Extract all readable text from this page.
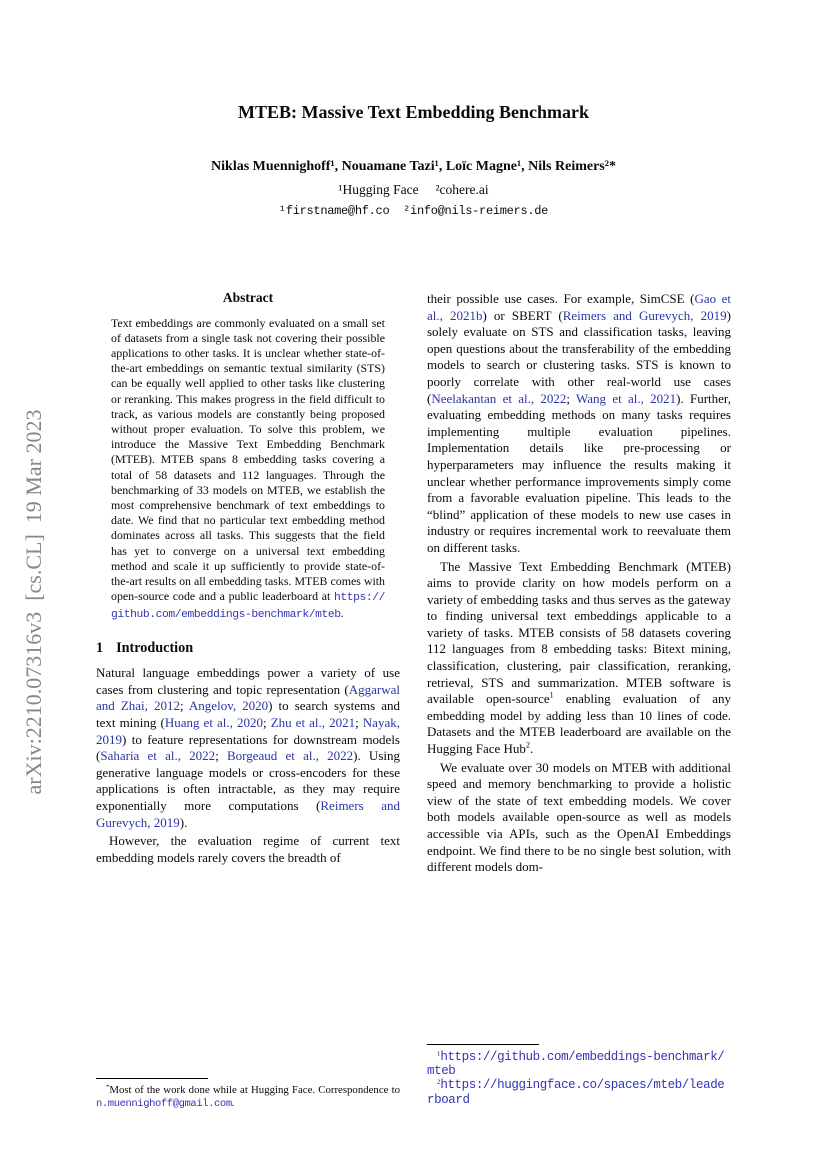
arXiv:2210.07316v3  [cs.CL]  19 Mar 2023
MTEB: Massive Text Embedding Benchmark
Niklas Muennighoff¹, Nouamane Tazi¹, Loïc Magne¹, Nils Reimers²*
¹Hugging Face     ²cohere.ai
¹firstname@hf.co  ²info@nils-reimers.de
Abstract
Text embeddings are commonly evaluated on a small set of datasets from a single task not covering their possible applications to other tasks. It is unclear whether state-of-the-art embeddings on semantic textual similarity (STS) can be equally well applied to other tasks like clustering or reranking. This makes progress in the field difficult to track, as various models are constantly being proposed without proper evaluation. To solve this problem, we introduce the Massive Text Embedding Benchmark (MTEB). MTEB spans 8 embedding tasks covering a total of 58 datasets and 112 languages. Through the benchmarking of 33 models on MTEB, we establish the most comprehensive benchmark of text embeddings to date. We find that no particular text embedding method dominates across all tasks. This suggests that the field has yet to converge on a universal text embedding method and scale it up sufficiently to provide state-of-the-art results on all embedding tasks. MTEB comes with open-source code and a public leaderboard at https://github.com/embeddings-benchmark/mteb.
1 Introduction

Natural language embeddings power a variety of use cases from clustering and topic representation (Aggarwal and Zhai, 2012; Angelov, 2020) to search systems and text mining (Huang et al., 2020; Zhu et al., 2021; Nayak, 2019) to feature representations for downstream models (Saharia et al., 2022; Borgeaud et al., 2022). Using generative language models or cross-encoders for these applications is often intractable, as they may require exponentially more computations (Reimers and Gurevych, 2019).

However, the evaluation regime of current text embedding models rarely covers the breadth of

their possible use cases. For example, SimCSE (Gao et al., 2021b) or SBERT (Reimers and Gurevych, 2019) solely evaluate on STS and classification tasks, leaving open questions about the transferability of the embedding models to search or clustering tasks. STS is known to poorly correlate with other real-world use cases (Neelakantan et al., 2022; Wang et al., 2021). Further, evaluating embedding methods on many tasks requires implementing multiple evaluation pipelines. Implementation details like pre-processing or hyperparameters may influence the results making it unclear whether performance improvements simply come from a favorable evaluation pipeline. This leads to the “blind” application of these models to new use cases in industry or requires incremental work to reevaluate them on different tasks.

The Massive Text Embedding Benchmark (MTEB) aims to provide clarity on how models perform on a variety of embedding tasks and thus serves as the gateway to finding universal text embeddings applicable to a variety of tasks. MTEB consists of 58 datasets covering 112 languages from 8 embedding tasks: Bitext mining, classification, clustering, pair classification, reranking, retrieval, STS and summarization. MTEB software is available open-source$^1$ enabling evaluation of any embedding model by adding less than 10 lines of code. Datasets and the MTEB leaderboard are available on the Hugging Face Hub$^2$.

We evaluate over 30 models on MTEB with additional speed and memory benchmarking to provide a holistic view of the state of text embedding models. We cover both models available open-source as well as models accessible via APIs, such as the OpenAI Embeddings endpoint. We find there to be no single best solution, with different models dom-

*Most of the work done while at Hugging Face. Correspondence to n.muennighoff@gmail.com.

$^1$https://github.com/embeddings-benchmark/mteb

$^2$https://huggingface.co/spaces/mteb/leaderboard
